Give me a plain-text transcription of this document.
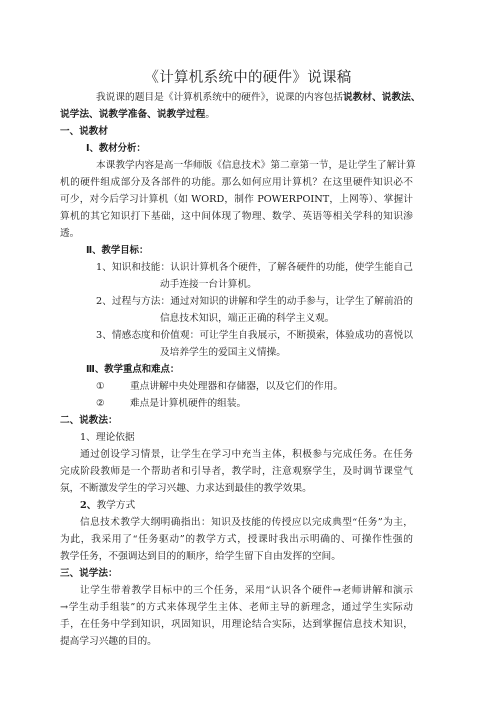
《计算机系统中的硬件》说课稿
我说课的题目是《计算机系统中的硬件》，说课的内容包括说教材、说教法、
说学法、说教学准备、说教学过程。
一、说教材
Ⅰ、教材分析：
本课教学内容是高一华师版《信息技术》第二章第一节，是让学生了解计算
机的硬件组成部分及各部件的功能。那么如何应用计算机？在这里硬件知识必不
可少，对今后学习计算机（如 WORD，制作 POWERPOINT，上网等）、掌握计
算机的其它知识打下基础，这中间体现了物理、数学、英语等相关学科的知识渗
透。
Ⅱ、教学目标：
1、知识和技能：认识计算机各个硬件，了解各硬件的功能，使学生能自己
动手连接一台计算机。
2、过程与方法：通过对知识的讲解和学生的动手参与，让学生了解前沿的
信息技术知识，端正正确的科学主义观。
3、情感态度和价值观：可让学生自我展示，不断摸索，体验成功的喜悦以
及培养学生的爱国主义情操。
Ⅲ、教学重点和难点：
①	重点讲解中央处理器和存储器，以及它们的作用。
②	难点是计算机硬件的组装。
二、说教法：
1、理论依据
通过创设学习情景，让学生在学习中充当主体，积极参与完成任务。在任务
完成阶段教师是一个帮助者和引导者，教学时，注意观察学生，及时调节课堂气
氛，不断激发学生的学习兴趣、力求达到最佳的教学效果。
2、教学方式
信息技术教学大纲明确指出：知识及技能的传授应以完成典型“任务”为主，
为此，我采用了“任务驱动”的教学方式，授课时我出示明确的、可操作性强的
教学任务，不强调达到目的的顺序，给学生留下自由发挥的空间。
三、说学法：
让学生带着教学目标中的三个任务，采用“认识各个硬件→老师讲解和演示
→学生动手组装”的方式来体现学生主体、老师主导的新理念，通过学生实际动
手，在任务中学到知识，巩固知识，用理论结合实际，达到掌握信息技术知识，
提高学习兴趣的目的。
